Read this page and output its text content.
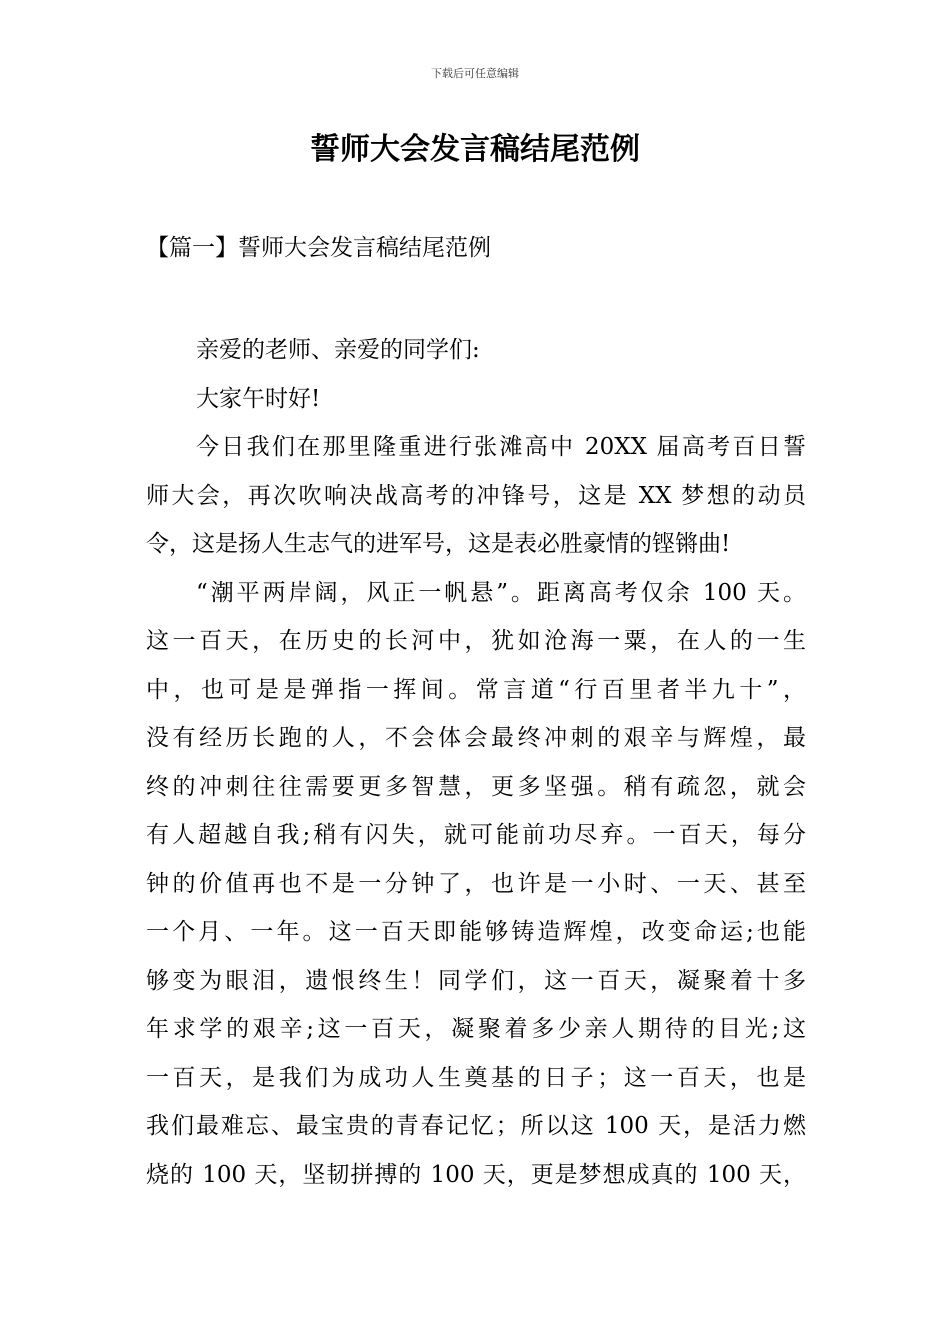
下载后可任意编辑
誓师大会发言稿结尾范例
【篇一】誓师大会发言稿结尾范例
亲爱的老师、亲爱的同学们:
大家午时好!
今日我们在那里隆重进行张滩高中 20XX 届高考百日誓
师大会，再次吹响决战高考的冲锋号，这是 XX 梦想的动员
令，这是扬人生志气的进军号，这是表必胜豪情的铿锵曲!
“潮平两岸阔，风正一帆悬”。距离高考仅余 100 天。
这一百天，在历史的长河中，犹如沧海一粟，在人的一生
中，也可是是弹指一挥间。常言道“行百里者半九十”，
没有经历长跑的人，不会体会最终冲刺的艰辛与辉煌，最
终的冲刺往往需要更多智慧，更多坚强。稍有疏忽，就会
有人超越自我;稍有闪失，就可能前功尽弃。一百天，每分
钟的价值再也不是一分钟了，也许是一小时、一天、甚至
一个月、一年。这一百天即能够铸造辉煌，改变命运;也能
够变为眼泪，遗恨终生！同学们，这一百天，凝聚着十多
年求学的艰辛;这一百天，凝聚着多少亲人期待的目光;这
一百天，是我们为成功人生奠基的日子；这一百天，也是
我们最难忘、最宝贵的青春记忆；所以这 100 天，是活力燃
烧的 100 天，坚韧拼搏的 100 天，更是梦想成真的 100 天，
